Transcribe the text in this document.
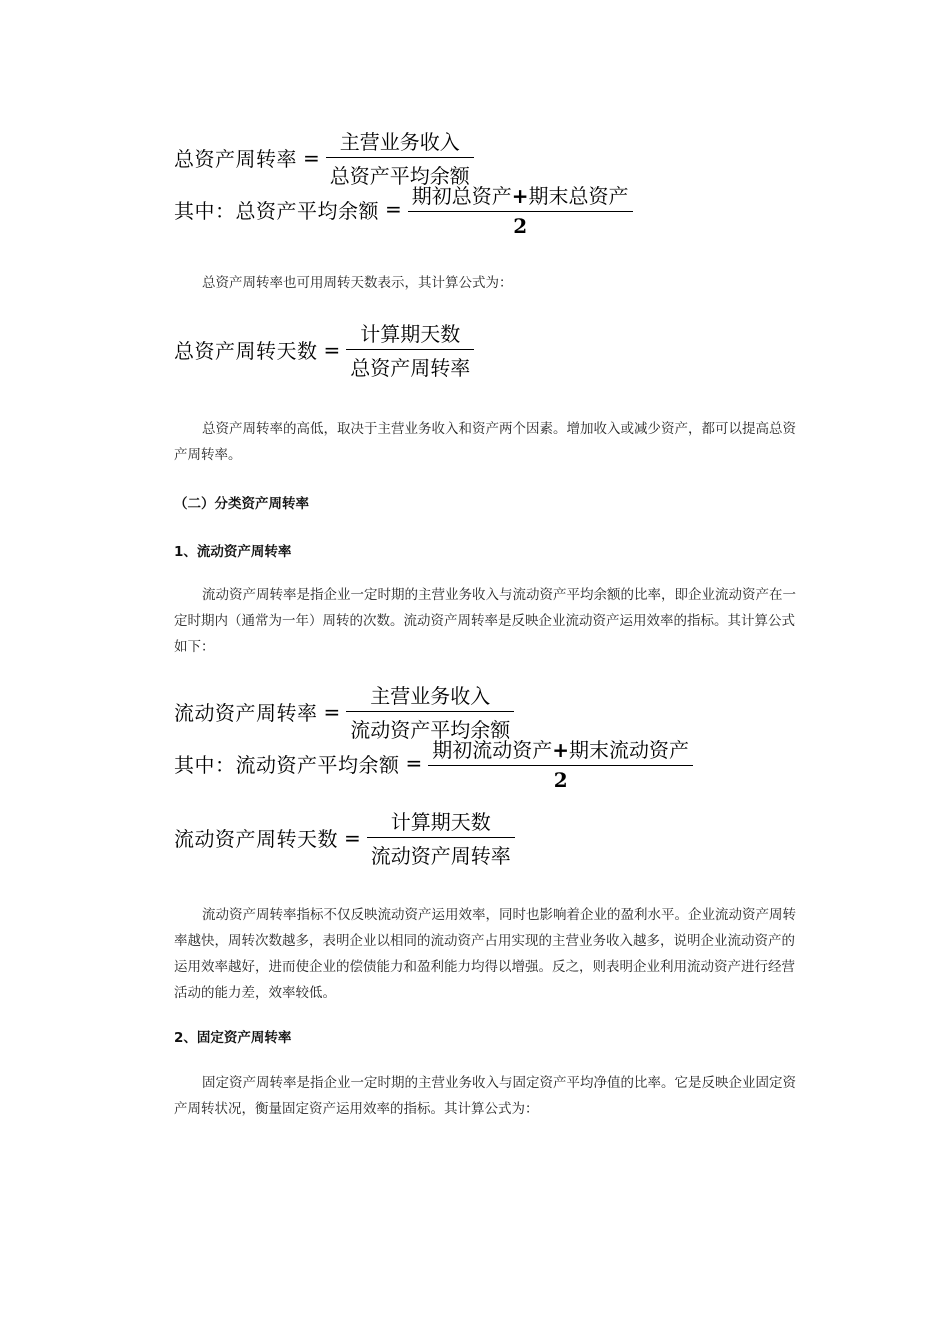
总资产周转率 = $\frac{\text{主营业务收入}}{\text{总资产平均余额}}$
其中：总资产平均余额 = $\frac{\text{期初总资产+期末总资产}}{2}$

总资产周转率也可用周转天数表示，其计算公式为：

总资产周转天数 = $\frac{\text{计算期天数}}{\text{总资产周转率}}$

总资产周转率的高低，取决于主营业务收入和资产两个因素。增加收入或减少资产，都可以提高总资
产周转率。

（二）分类资产周转率

1、流动资产周转率

流动资产周转率是指企业一定时期的主营业务收入与流动资产平均余额的比率，即企业流动资产在一
定时期内（通常为一年）周转的次数。流动资产周转率是反映企业流动资产运用效率的指标。其计算公式
如下：

流动资产周转率 = $\frac{\text{主营业务收入}}{\text{流动资产平均余额}}$
其中：流动资产平均余额 = $\frac{\text{期初流动资产+期末流动资产}}{2}$
流动资产周转天数 = $\frac{\text{计算期天数}}{\text{流动资产周转率}}$

流动资产周转率指标不仅反映流动资产运用效率，同时也影响着企业的盈利水平。企业流动资产周转
率越快，周转次数越多，表明企业以相同的流动资产占用实现的主营业务收入越多，说明企业流动资产的
运用效率越好，进而使企业的偿债能力和盈利能力均得以增强。反之，则表明企业利用流动资产进行经营
活动的能力差，效率较低。

2、固定资产周转率

固定资产周转率是指企业一定时期的主营业务收入与固定资产平均净值的比率。它是反映企业固定资
产周转状况，衡量固定资产运用效率的指标。其计算公式为：
